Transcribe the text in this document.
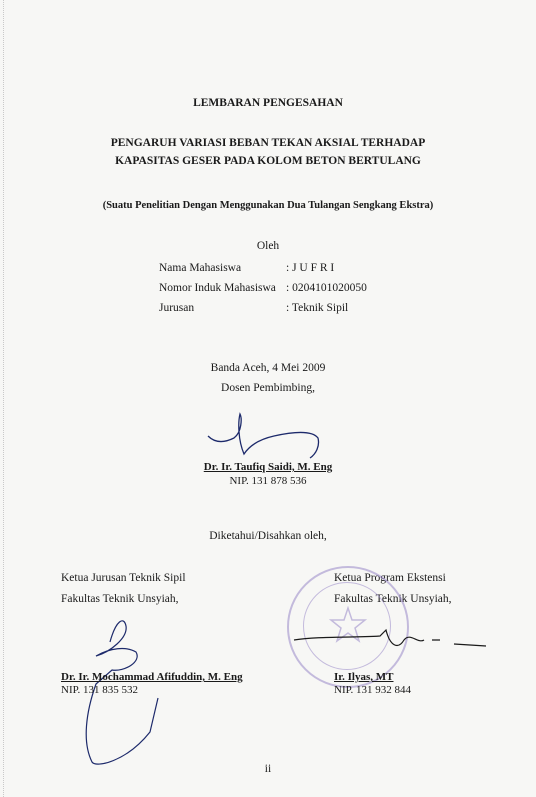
LEMBARAN PENGESAHAN
PENGARUH VARIASI BEBAN TEKAN AKSIAL TERHADAP
KAPASITAS GESER PADA KOLOM BETON BERTULANG
(Suatu Penelitian Dengan Menggunakan Dua Tulangan Sengkang Ekstra)
Oleh
Nama Mahasiswa	: J U F R I
Nomor Induk Mahasiswa : 0204101020050
Jurusan	: Teknik Sipil
Banda Aceh, 4 Mei 2009
Dosen Pembimbing,
Dr. Ir. Taufiq Saidi, M. Eng
NIP. 131 878 536
Diketahui/Disahkan oleh,
Ketua Jurusan Teknik Sipil
Fakultas Teknik Unsyiah,
Dr. Ir. Mochammad Afifuddin, M. Eng
NIP. 131 835 532
Ketua Program Ekstensi
Fakultas Teknik Unsyiah,
Ir. Ilyas, MT
NIP. 131 932 844
ii
